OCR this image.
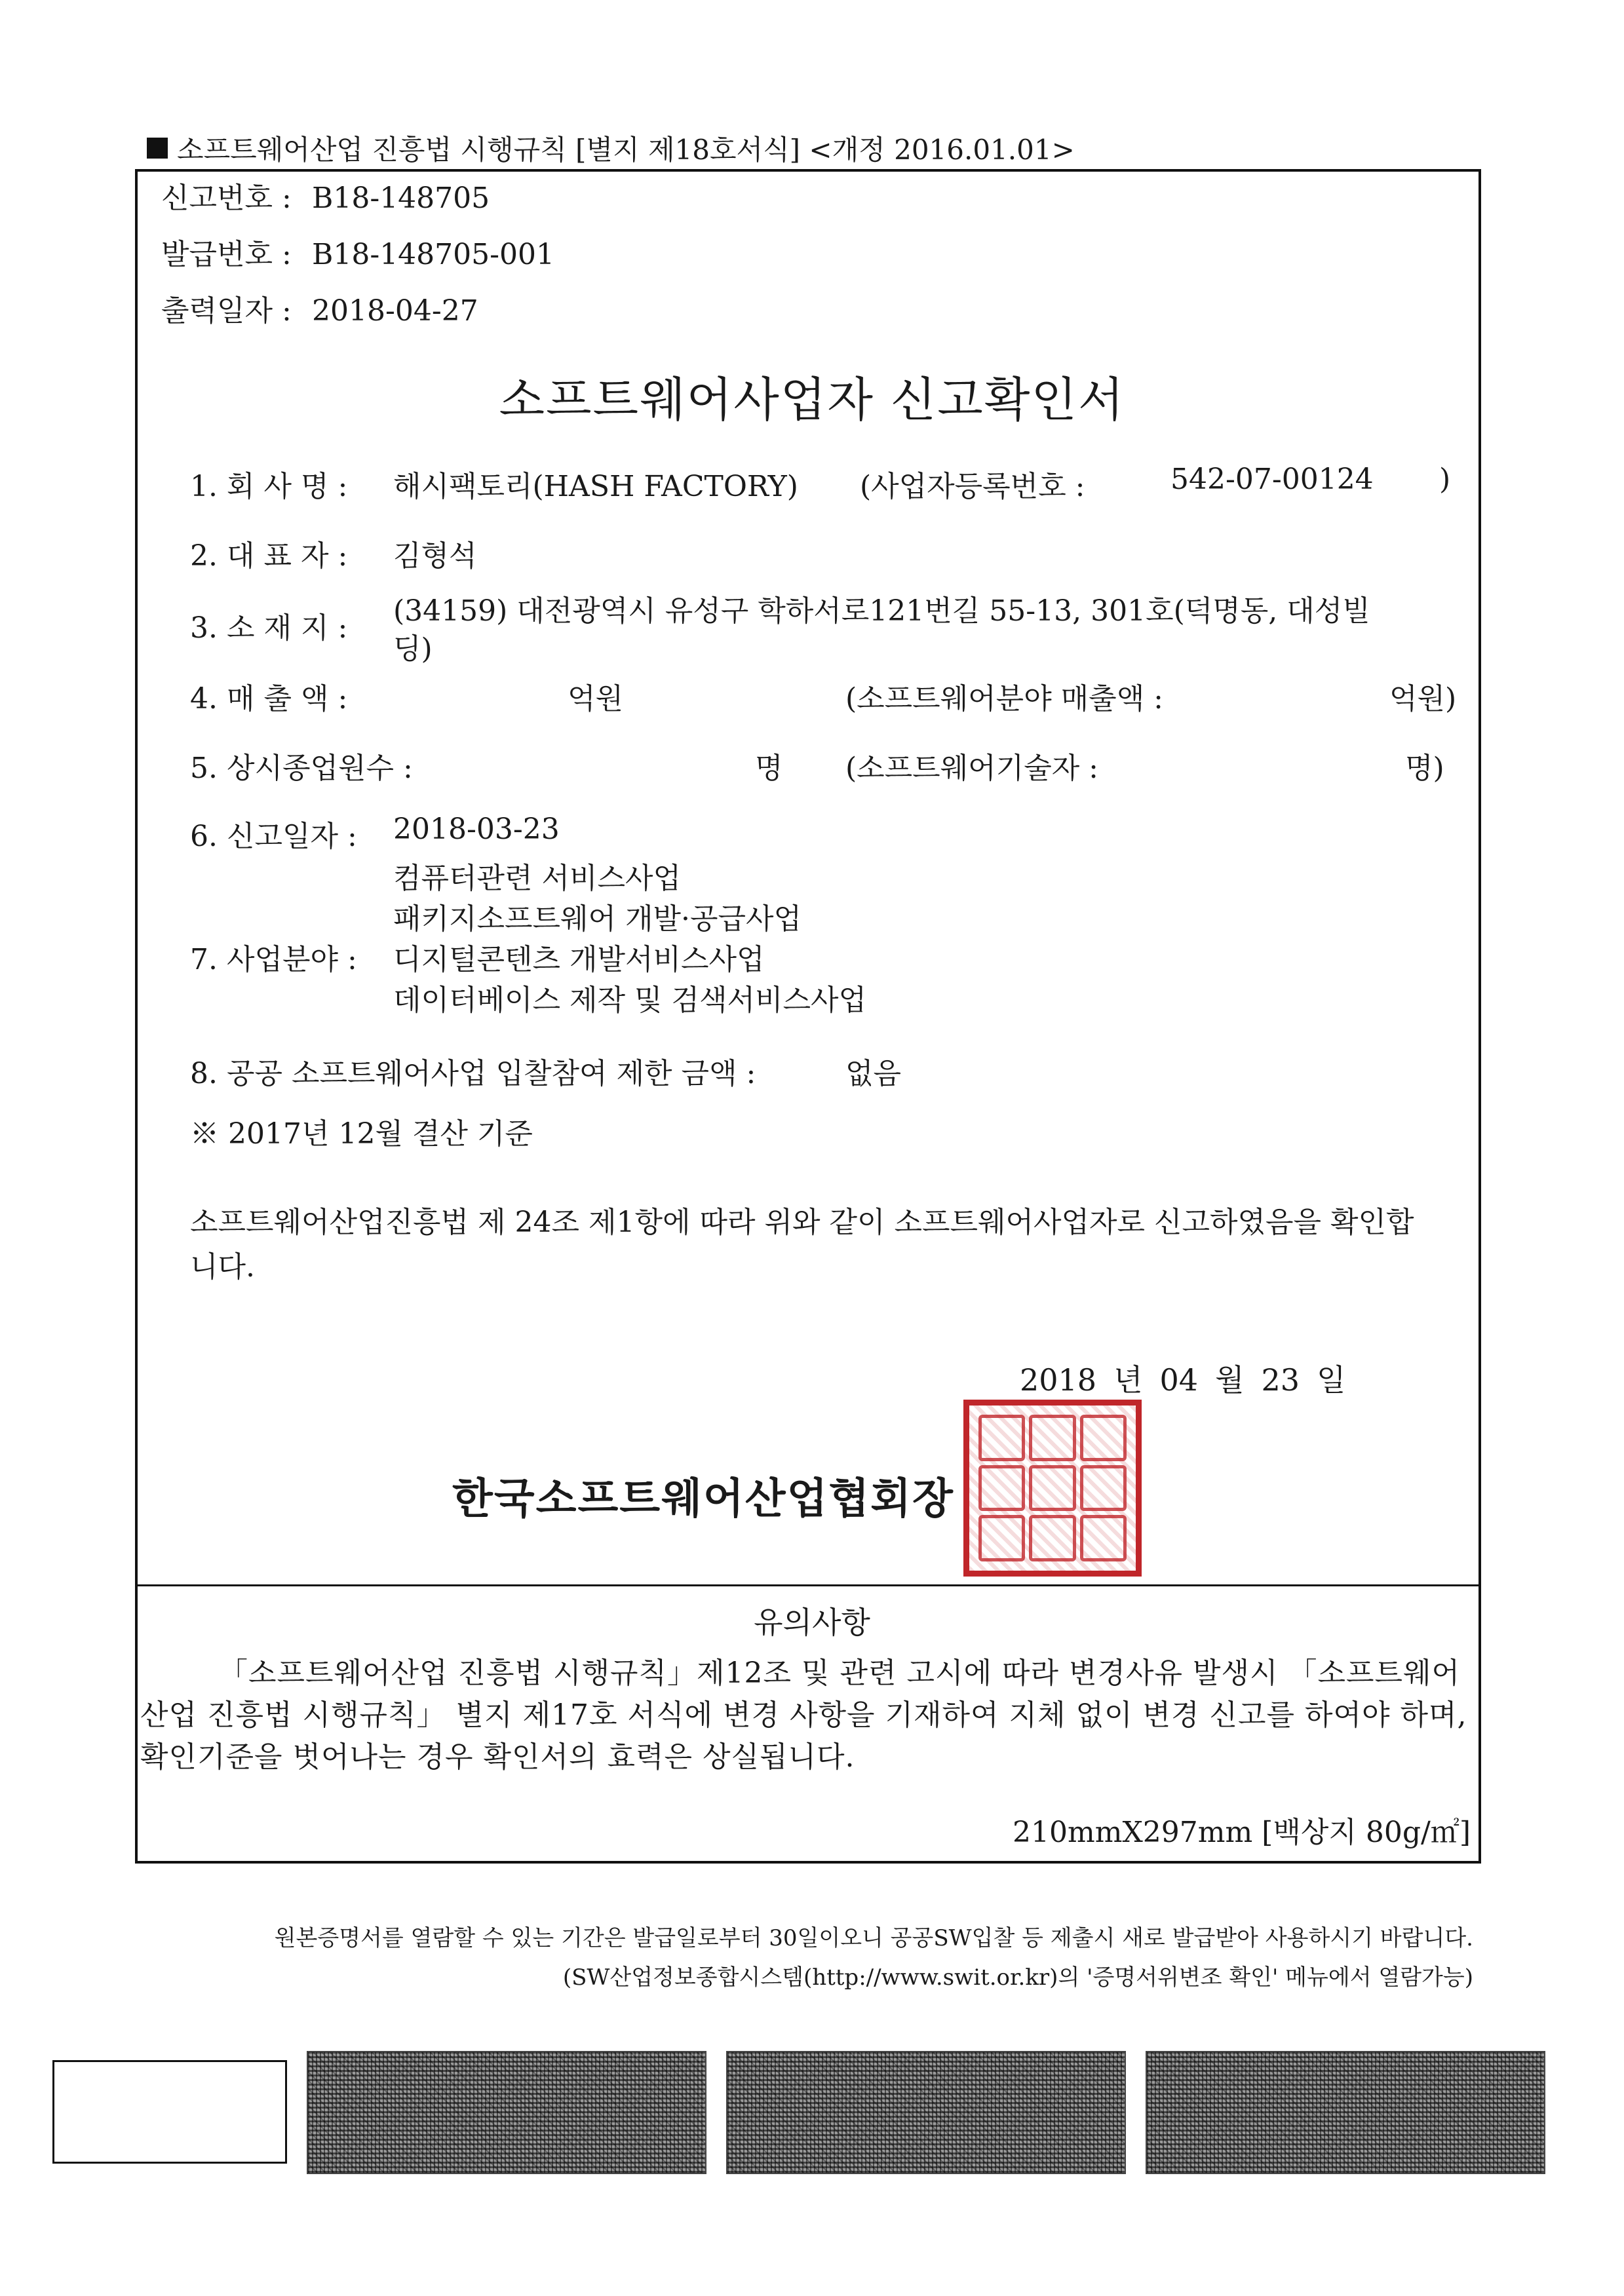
소프트웨어산업 진흥법 시행규칙 [별지 제18호서식] <개정 2016.01.01>
신고번호 : B18-148705
발급번호 : B18-148705-001
출력일자 : 2018-04-27
소프트웨어사업자 신고확인서
1. 회 사 명 : 해시팩토리(HASH FACTORY) (사업자등록번호 :	542-07-00124 )
2. 대 표 자 : 김형석
3. 소 재 지 :
(34159) 대전광역시 유성구 학하서로121번길 55-13, 301호(덕명동, 대성빌
딩)
4. 매 출 액 :	억원	(소프트웨어분야 매출액 :	억원)
5. 상시종업원수 :	명 (소프트웨어기술자 :	명)
6. 신고일자 : 2018-03-23
컴퓨터관련 서비스사업
패키지소프트웨어 개발·공급사업
7. 사업분야 : 디지털콘텐츠 개발서비스사업
데이터베이스 제작 및 검색서비스사업
8. 공공 소프트웨어사업 입찰참여 제한 금액 :	없음
※ 2017년 12월 결산 기준
소프트웨어산업진흥법 제 24조 제1항에 따라 위와 같이 소프트웨어사업자로 신고하였음을 확인합니다.
2018 년 04 월 23 일
한국소프트웨어산업협회장
유의사항
「소프트웨어산업 진흥법 시행규칙」제12조 및 관련 고시에 따라 변경사유 발생시 「소프트웨어산업 진흥법 시행규칙」 별지 제17호 서식에 변경 사항을 기재하여 지체 없이 변경 신고를 하여야 하며, 확인기준을 벗어나는 경우 확인서의 효력은 상실됩니다.
210mmX297mm [백상지 80g/㎡]
원본증명서를 열람할 수 있는 기간은 발급일로부터 30일이오니 공공SW입찰 등 제출시 새로 발급받아 사용하시기 바랍니다.
(SW산업정보종합시스템(http://www.swit.or.kr)의 '증명서위변조 확인' 메뉴에서 열람가능)
